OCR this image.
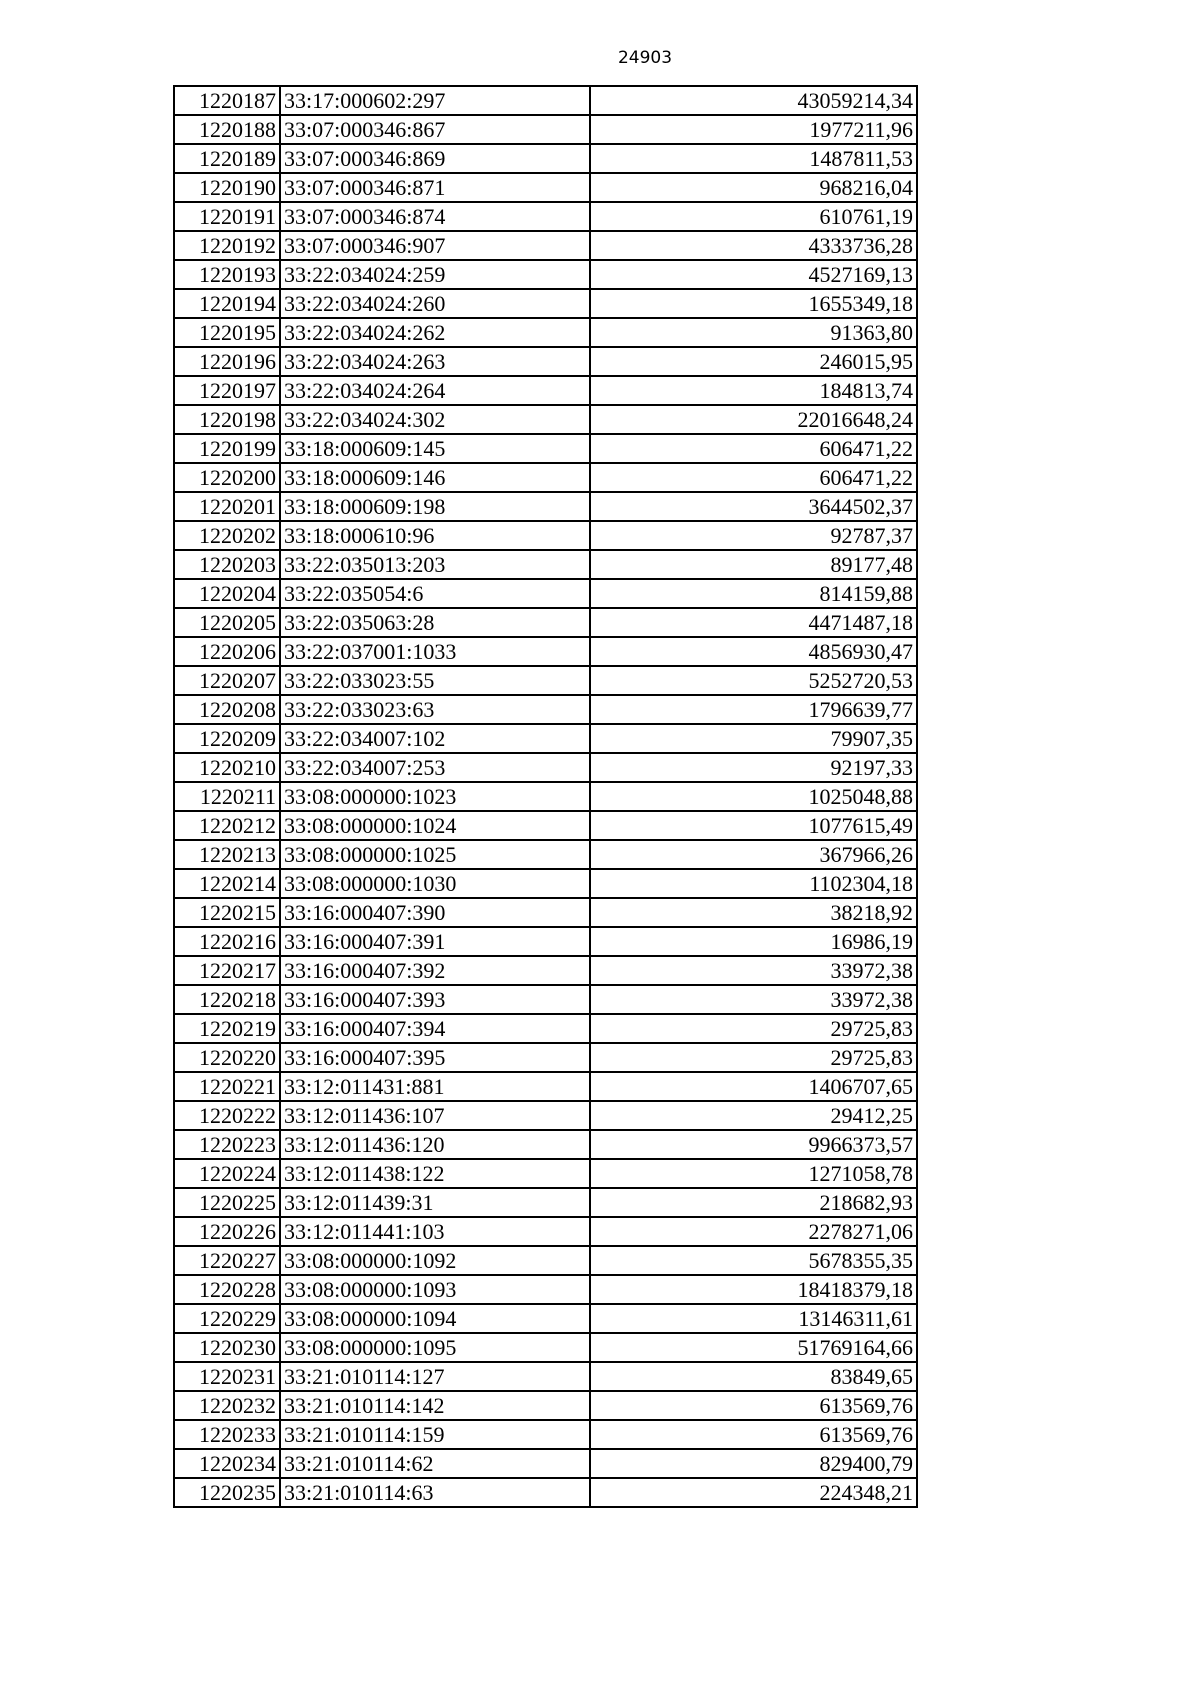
24903
1220187	33:17:000602:297	43059214,34
1220188	33:07:000346:867	1977211,96
1220189	33:07:000346:869	1487811,53
1220190	33:07:000346:871	968216,04
1220191	33:07:000346:874	610761,19
1220192	33:07:000346:907	4333736,28
1220193	33:22:034024:259	4527169,13
1220194	33:22:034024:260	1655349,18
1220195	33:22:034024:262	91363,80
1220196	33:22:034024:263	246015,95
1220197	33:22:034024:264	184813,74
1220198	33:22:034024:302	22016648,24
1220199	33:18:000609:145	606471,22
1220200	33:18:000609:146	606471,22
1220201	33:18:000609:198	3644502,37
1220202	33:18:000610:96	92787,37
1220203	33:22:035013:203	89177,48
1220204	33:22:035054:6	814159,88
1220205	33:22:035063:28	4471487,18
1220206	33:22:037001:1033	4856930,47
1220207	33:22:033023:55	5252720,53
1220208	33:22:033023:63	1796639,77
1220209	33:22:034007:102	79907,35
1220210	33:22:034007:253	92197,33
1220211	33:08:000000:1023	1025048,88
1220212	33:08:000000:1024	1077615,49
1220213	33:08:000000:1025	367966,26
1220214	33:08:000000:1030	1102304,18
1220215	33:16:000407:390	38218,92
1220216	33:16:000407:391	16986,19
1220217	33:16:000407:392	33972,38
1220218	33:16:000407:393	33972,38
1220219	33:16:000407:394	29725,83
1220220	33:16:000407:395	29725,83
1220221	33:12:011431:881	1406707,65
1220222	33:12:011436:107	29412,25
1220223	33:12:011436:120	9966373,57
1220224	33:12:011438:122	1271058,78
1220225	33:12:011439:31	218682,93
1220226	33:12:011441:103	2278271,06
1220227	33:08:000000:1092	5678355,35
1220228	33:08:000000:1093	18418379,18
1220229	33:08:000000:1094	13146311,61
1220230	33:08:000000:1095	51769164,66
1220231	33:21:010114:127	83849,65
1220232	33:21:010114:142	613569,76
1220233	33:21:010114:159	613569,76
1220234	33:21:010114:62	829400,79
1220235	33:21:010114:63	224348,21
